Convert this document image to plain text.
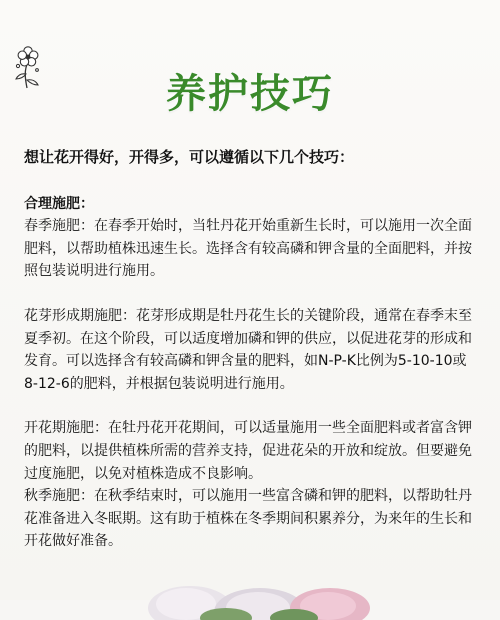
养护技巧

想让花开得好，开得多，可以遵循以下几个技巧：

合理施肥：

春季施肥：在春季开始时，当牡丹花开始重新生长时，可以施用一次全面肥料，以帮助植株迅速生长。选择含有较高磷和钾含量的全面肥料，并按照包装说明进行施用。

花芽形成期施肥：花芽形成期是牡丹花生长的关键阶段，通常在春季末至夏季初。在这个阶段，可以适度增加磷和钾的供应，以促进花芽的形成和发育。可以选择含有较高磷和钾含量的肥料，如N-P-K比例为5-10-10或8-12-6的肥料，并根据包装说明进行施用。

开花期施肥：在牡丹花开花期间，可以适量施用一些全面肥料或者富含钾的肥料，以提供植株所需的营养支持，促进花朵的开放和绽放。但要避免过度施肥，以免对植株造成不良影响。

秋季施肥：在秋季结束时，可以施用一些富含磷和钾的肥料，以帮助牡丹花准备进入冬眠期。这有助于植株在冬季期间积累养分，为来年的生长和开花做好准备。
